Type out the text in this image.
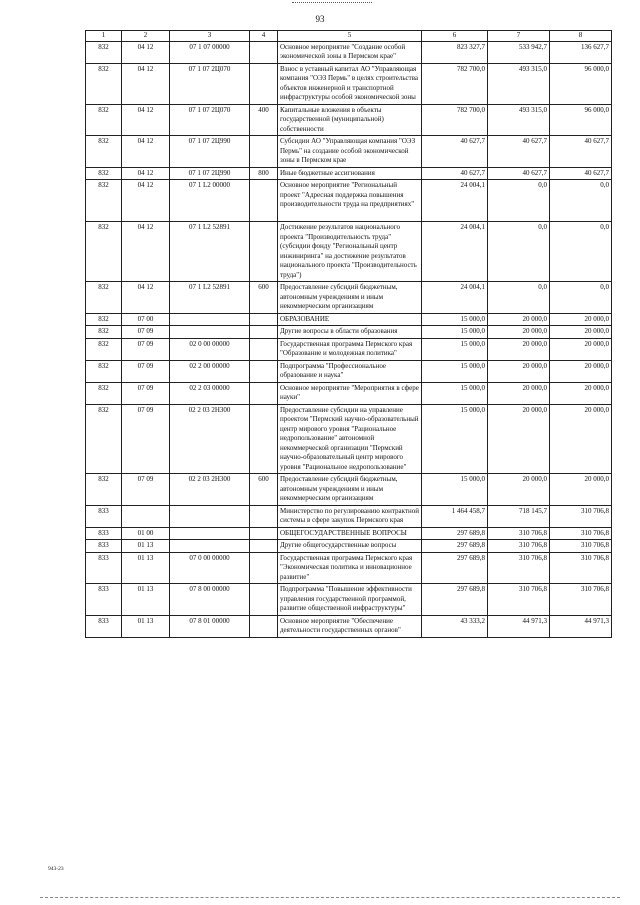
93
1	2	3	4	5	6	7	8
832	04 12	07 1 07 00000		Основное мероприятие "Создание особой экономической зоны в Пермском крае"	823 327,7	533 942,7	136 627,7
832	04 12	07 1 07 2Ц070		Взнос в уставный капитал АО "Управляющая компания "ОЭЗ Пермь" в целях строительства объектов инженерной и транспортной инфраструктуры особой экономической зоны	782 700,0	493 315,0	96 000,0
832	04 12	07 1 07 2Ц070	400	Капитальные вложения в объекты государственной (муниципальной) собственности	782 700,0	493 315,0	96 000,0
832	04 12	07 1 07 2Ц990		Субсидии АО "Управляющая компания "ОЭЗ Пермь" на создание особой экономической зоны в Пермском крае	40 627,7	40 627,7	40 627,7
832	04 12	07 1 07 2Ц990	800	Иные бюджетные ассигнования	40 627,7	40 627,7	40 627,7
832	04 12	07 1 L2 00000		Основное мероприятие "Региональный проект "Адресная поддержка повышения производительности труда на предприятиях"	24 004,1	0,0	0,0
832	04 12	07 1 L2 52891		Достижение результатов национального проекта "Производительность труда" (субсидии фонду "Региональный центр инжиниринга" на достижение результатов национального проекта "Производительность труда")	24 004,1	0,0	0,0
832	04 12	07 1 L2 52891	600	Предоставление субсидий бюджетным, автономным учреждениям и иным некоммерческим организациям	24 004,1	0,0	0,0
832	07 00			ОБРАЗОВАНИЕ	15 000,0	20 000,0	20 000,0
832	07 09			Другие вопросы в области образования	15 000,0	20 000,0	20 000,0
832	07 09	02 0 00 00000		Государственная программа Пермского края "Образование и молодежная политика"	15 000,0	20 000,0	20 000,0
832	07 09	02 2 00 00000		Подпрограмма "Профессиональное образование и наука"	15 000,0	20 000,0	20 000,0
832	07 09	02 2 03 00000		Основное мероприятие "Мероприятия в сфере науки"	15 000,0	20 000,0	20 000,0
832	07 09	02 2 03 2Н300		Предоставление субсидии на управление проектом "Пермский научно-образовательный центр мирового уровня "Рациональное недропользование" автономной некоммерческой организации "Пермский научно-образовательный центр мирового уровня "Рациональное недропользование"	15 000,0	20 000,0	20 000,0
832	07 09	02 2 03 2Н300	600	Предоставление субсидий бюджетным, автономным учреждениям и иным некоммерческим организациям	15 000,0	20 000,0	20 000,0
833				Министерство по регулированию контрактной системы в сфере закупок Пермского края	1 464 458,7	718 145,7	310 706,8
833	01 00			ОБЩЕГОСУДАРСТВЕННЫЕ ВОПРОСЫ	297 689,8	310 706,8	310 706,8
833	01 13			Другие общегосударственные вопросы	297 689,8	310 706,8	310 706,8
833	01 13	07 0 00 00000		Государственная программа Пермского края "Экономическая политика и инновационное развитие"	297 689,8	310 706,8	310 706,8
833	01 13	07 8 00 00000		Подпрограмма "Повышение эффективности управления государственной программой, развитие общественной инфраструктуры"	297 689,8	310 706,8	310 706,8
833	01 13	07 8 01 00000		Основное мероприятие "Обеспечение деятельности государственных органов"	43 333,2	44 971,3	44 971,3
943-23
